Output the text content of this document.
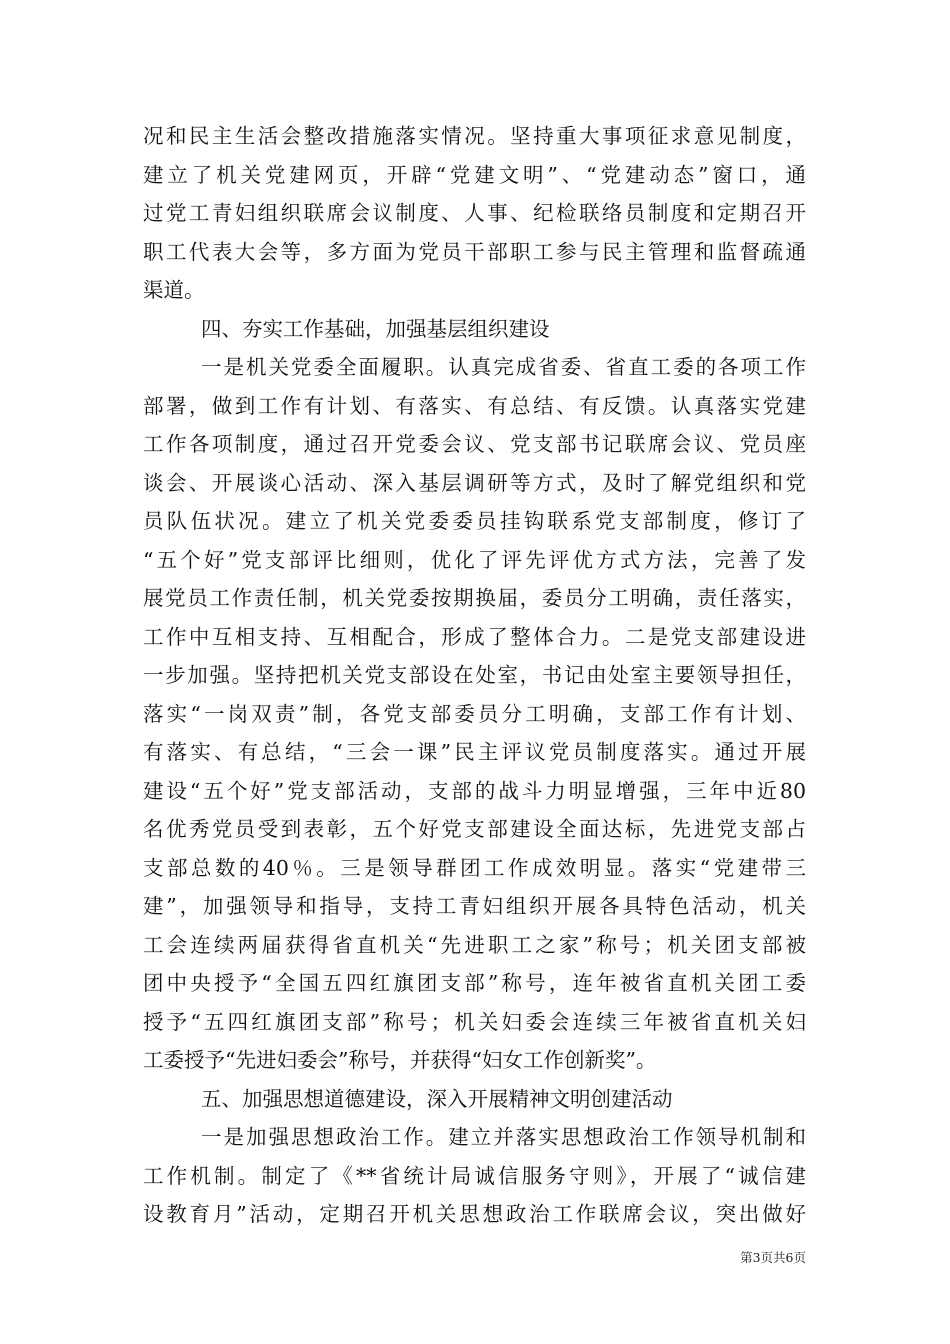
况和民主生活会整改措施落实情况。坚持重大事项征求意见制度，
建立了机关党建网页，开辟“党建文明”、“党建动态”窗口，通
过党工青妇组织联席会议制度、人事、纪检联络员制度和定期召开
职工代表大会等，多方面为党员干部职工参与民主管理和监督疏通
渠道。
四、夯实工作基础，加强基层组织建设
一是机关党委全面履职。认真完成省委、省直工委的各项工作
部署，做到工作有计划、有落实、有总结、有反馈。认真落实党建
工作各项制度，通过召开党委会议、党支部书记联席会议、党员座
谈会、开展谈心活动、深入基层调研等方式，及时了解党组织和党
员队伍状况。建立了机关党委委员挂钩联系党支部制度，修订了
“五个好”党支部评比细则，优化了评先评优方式方法，完善了发
展党员工作责任制，机关党委按期换届，委员分工明确，责任落实，
工作中互相支持、互相配合，形成了整体合力。二是党支部建设进
一步加强。坚持把机关党支部设在处室，书记由处室主要领导担任，
落实“一岗双责”制，各党支部委员分工明确，支部工作有计划、
有落实、有总结，“三会一课”民主评议党员制度落实。通过开展
建设“五个好”党支部活动，支部的战斗力明显增强，三年中近80
名优秀党员受到表彰，五个好党支部建设全面达标，先进党支部占
支部总数的40％。三是领导群团工作成效明显。落实“党建带三
建”，加强领导和指导，支持工青妇组织开展各具特色活动，机关
工会连续两届获得省直机关“先进职工之家”称号；机关团支部被
团中央授予“全国五四红旗团支部”称号，连年被省直机关团工委
授予“五四红旗团支部”称号；机关妇委会连续三年被省直机关妇
工委授予“先进妇委会”称号，并获得“妇女工作创新奖”。
五、加强思想道德建设，深入开展精神文明创建活动
一是加强思想政治工作。建立并落实思想政治工作领导机制和
工作机制。制定了《**省统计局诚信服务守则》，开展了“诚信建
设教育月”活动，定期召开机关思想政治工作联席会议，突出做好
第3页共6页
